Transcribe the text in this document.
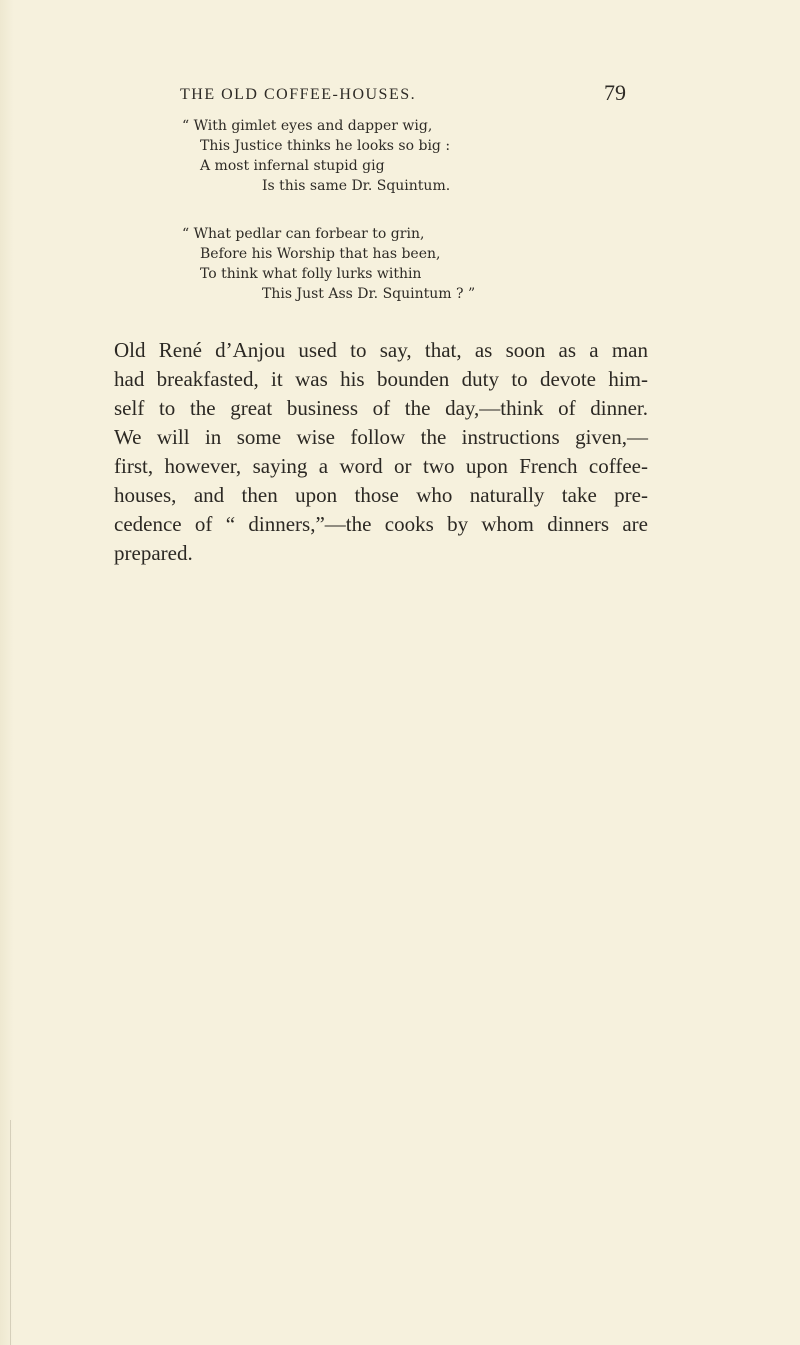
THE OLD COFFEE-HOUSES.	79
“ With gimlet eyes and dapper wig,
This Justice thinks he looks so big :
A most infernal stupid gig
Is this same Dr. Squintum.
“ What pedlar can forbear to grin,
Before his Worship that has been,
To think what folly lurks within
This Just Ass Dr. Squintum ? ”
Old René d’Anjou used to say, that, as soon as a man
had breakfasted, it was his bounden duty to devote him-
self to the great business of the day,—think of dinner.
We will in some wise follow the instructions given,—
first, however, saying a word or two upon French coffee-
houses, and then upon those who naturally take pre-
cedence of “ dinners,”—the cooks by whom dinners are
prepared.
